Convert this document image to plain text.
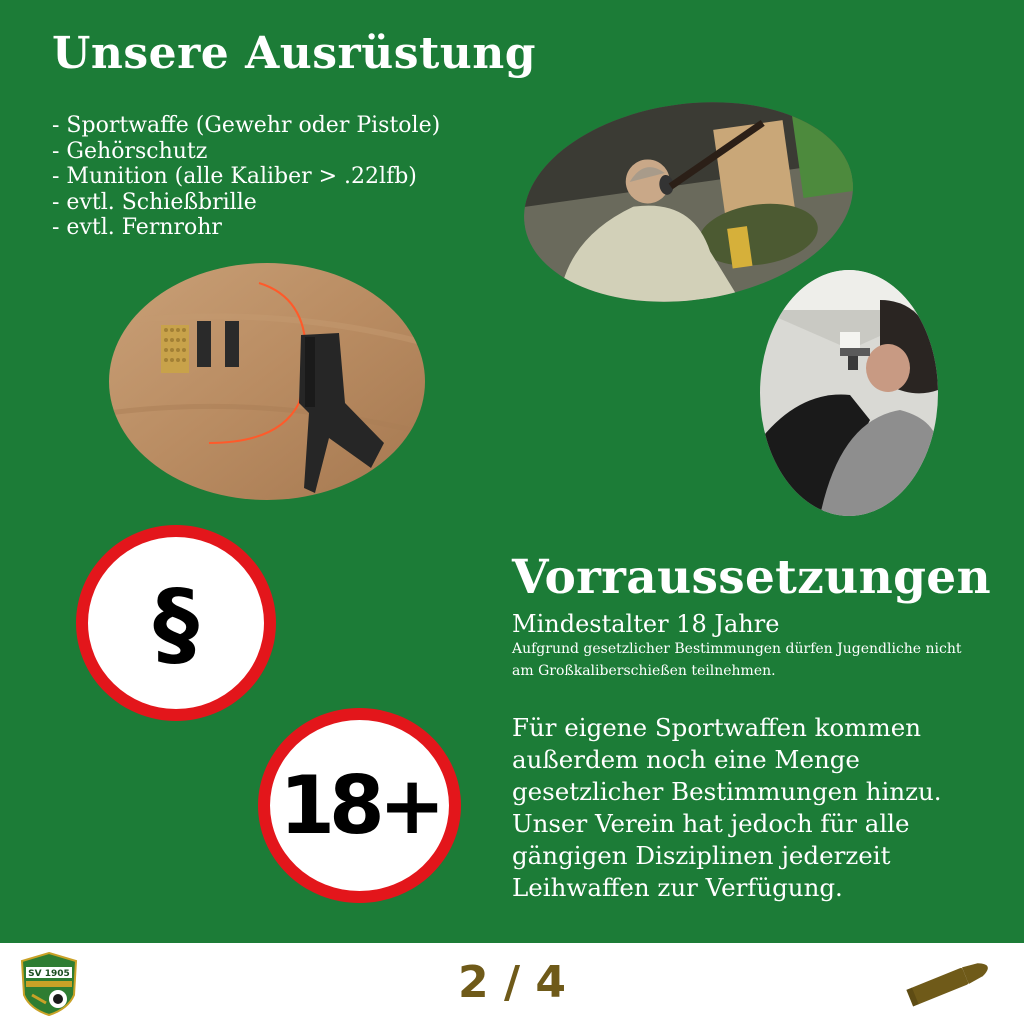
Unsere Ausrüstung
- Sportwaffe (Gewehr oder Pistole)
- Gehörschutz
- Munition (alle Kaliber > .22lfb)
- evtl. Schießbrille
- evtl. Fernrohr
§
18+
Vorraussetzungen

Mindestalter 18 Jahre

Aufgrund gesetzlicher Bestimmungen dürfen Jugendliche nicht am Großkaliberschießen teilnehmen.

Für eigene Sportwaffen kommen außerdem noch eine Menge gesetzlicher Bestimmungen hinzu. Unser Verein hat jedoch für alle gängigen Disziplinen jederzeit Leihwaffen zur Verfügung.

SV 1905	2 / 4
